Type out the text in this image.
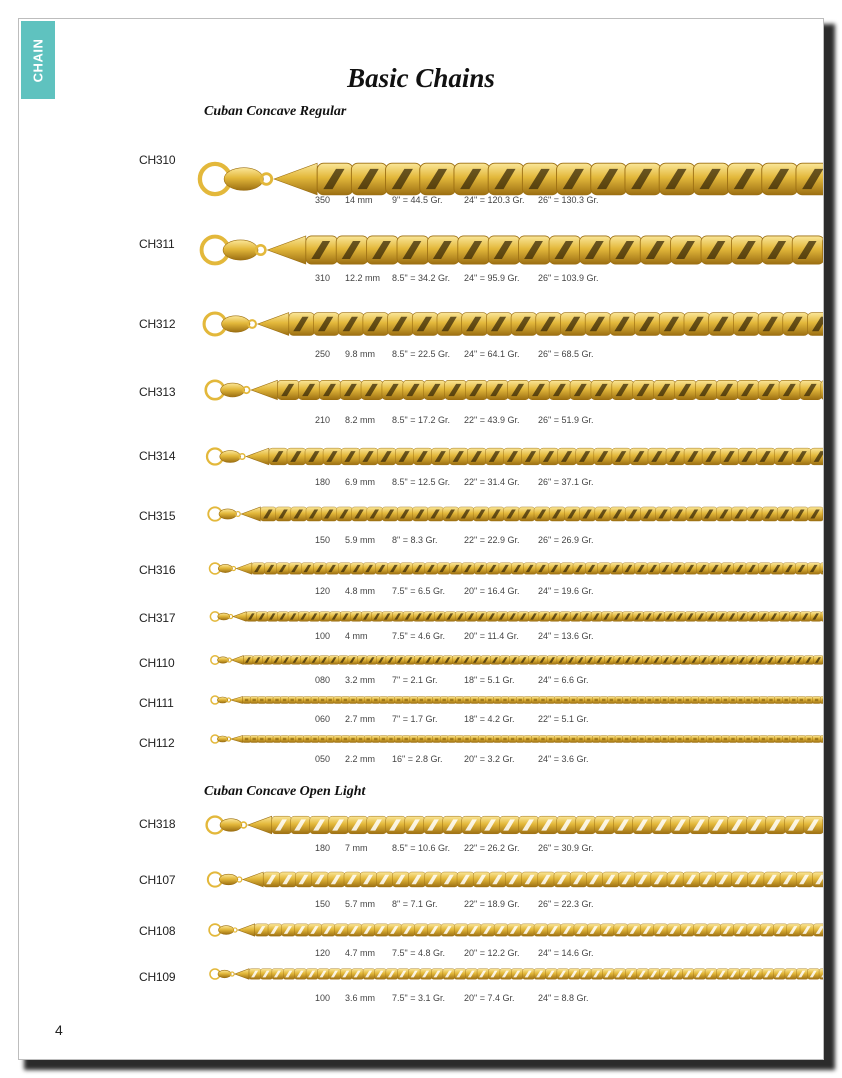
CHAIN	Basic Chains
Cuban Concave Regular
Cuban Concave Open Light
CH310
350 14 mm 9" = 44.5 Gr. 24" = 120.3 Gr. 26" = 130.3 Gr.
CH311
310 12.2 mm 8.5" = 34.2 Gr. 24" = 95.9 Gr. 26" = 103.9 Gr.
CH312
250 9.8 mm 8.5" = 22.5 Gr. 24" = 64.1 Gr. 26" = 68.5 Gr.
CH313
210 8.2 mm 8.5" = 17.2 Gr. 22" = 43.9 Gr. 26" = 51.9 Gr.
CH314
180 6.9 mm 8.5" = 12.5 Gr. 22" = 31.4 Gr. 26" = 37.1 Gr.
CH315
150 5.9 mm 8" = 8.3 Gr.	22" = 22.9 Gr. 26" = 26.9 Gr.
CH316
120 4.8 mm 7.5" = 6.5 Gr. 20" = 16.4 Gr. 24" = 19.6 Gr.
CH317
100 4 mm	7.5" = 4.6 Gr. 20" = 11.4 Gr. 24" = 13.6 Gr.
CH110
080 3.2 mm 7" = 2.1 Gr.	18" = 5.1 Gr.	24" = 6.6 Gr.
CH111
060 2.7 mm 7" = 1.7 Gr.	18" = 4.2 Gr.	22" = 5.1 Gr.
CH112
050 2.2 mm 16" = 2.8 Gr. 20" = 3.2 Gr.	24" = 3.6 Gr.
CH318
180 7 mm	8.5" = 10.6 Gr. 22" = 26.2 Gr. 26" = 30.9 Gr.
CH107
150 5.7 mm 8" = 7.1 Gr.	22" = 18.9 Gr. 26" = 22.3 Gr.
CH108
120 4.7 mm 7.5" = 4.8 Gr. 20" = 12.2 Gr. 24" = 14.6 Gr.
CH109
100 3.6 mm 7.5" = 3.1 Gr. 20" = 7.4 Gr.	24" = 8.8 Gr.
4
